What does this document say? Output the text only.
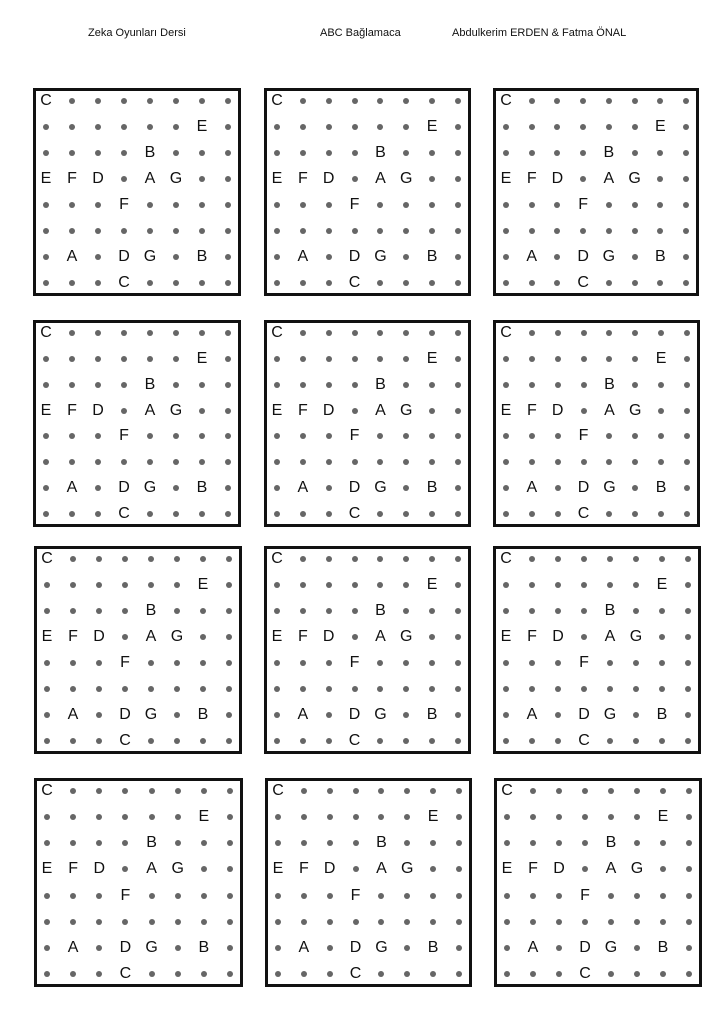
Zeka Oyunları Dersi	ABC Bağlamaca	Abdulkerim ERDEN & Fatma ÖNAL
C
E
B
E F D	A G
F
A	D G	B
C
C
E
B
E F D	A G
F
A	D G	B
C
C
E
B
E F D	A G
F
A	D G B
C
C
E
B
E F D	A G
F
A	D G	B
C
C
E
B
E F D	A G
F
A	D G	B
C
C
E
B
E F D	A G
F
A	D G	B
C
C
E
B
E F D	A G
F
A	D G	B
C
C
E
B
E F D	A G
F
A	D G	B
C
C
E
B
E F D	A G
F
A	D G	B
C
C
E
B
E F D	A G
F
A	D G	B
C
C
E
B
E F D	A G
F
A	D G	B
C
C
E
B
E F D	A G
F
A	D G	B
C
